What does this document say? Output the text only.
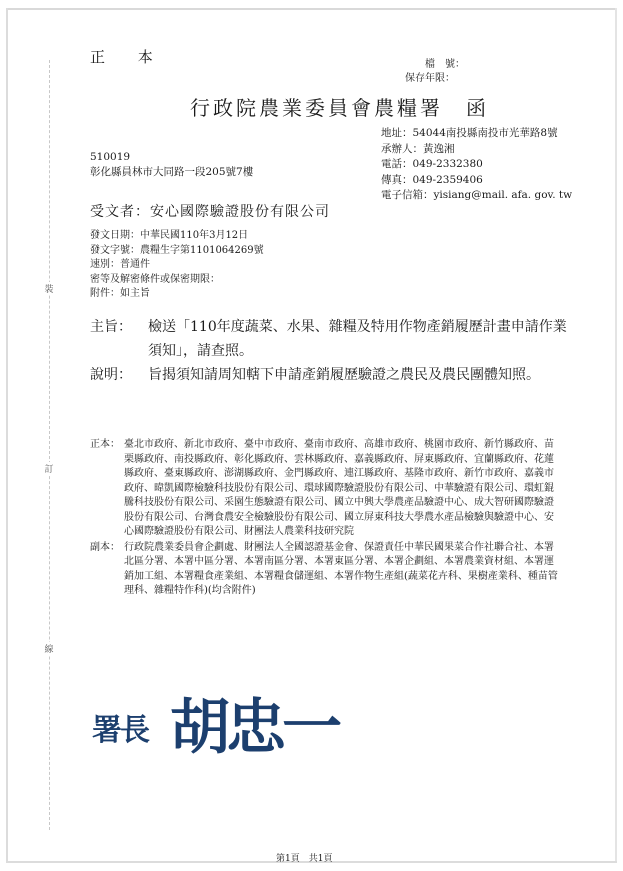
裝
訂
線
正 本	檔　號：
保存年限：
行政院農業委員會農糧署　函
地址：54044南投縣南投市光華路8號
承辦人：黃逸湘
電話：049-2332380
傳真：049-2359406
電子信箱：yisiang@mail. afa. gov. tw
510019
彰化縣員林市大同路一段205號7樓
受文者：安心國際驗證股份有限公司
發文日期：中華民國110年3月12日
發文字號：農糧生字第1101064269號
速別：普通件
密等及解密條件或保密期限：
附件：如主旨
主旨：	檢送「110年度蔬菜、水果、雜糧及特用作物產銷履歷計畫申請作業須知」，請查照。
說明：	旨揭須知請周知轄下申請產銷履歷驗證之農民及農民團體知照。
正本： 臺北市政府、新北市政府、臺中市政府、臺南市政府、高雄市政府、桃園市政府、新竹縣政府、苗栗縣政府、南投縣政府、彰化縣政府、雲林縣政府、嘉義縣政府、屏東縣政府、宜蘭縣政府、花蓮縣政府、臺東縣政府、澎湖縣政府、金門縣政府、連江縣政府、基隆市政府、新竹市政府、嘉義市政府、暐凱國際檢驗科技股份有限公司、環球國際驗證股份有限公司、中華驗證有限公司、環虹錕騰科技股份有限公司、采園生態驗證有限公司、國立中興大學農產品驗證中心、成大智研國際驗證股份有限公司、台灣食農安全檢驗股份有限公司、國立屏東科技大學農水產品檢驗與驗證中心、安心國際驗證股份有限公司、財團法人農業科技研究院
副本： 行政院農業委員會企劃處、財團法人全國認證基金會、保證責任中華民國果菜合作社聯合社、本署北區分署、本署中區分署、本署南區分署、本署東區分署、本署企劃組、本署農業資材組、本署運銷加工組、本署糧食產業組、本署糧食儲運組、本署作物生產組(蔬菜花卉科、果樹產業科、種苗管理科、雜糧特作科)(均含附件)
署長 胡忠一
第1頁　共1頁
